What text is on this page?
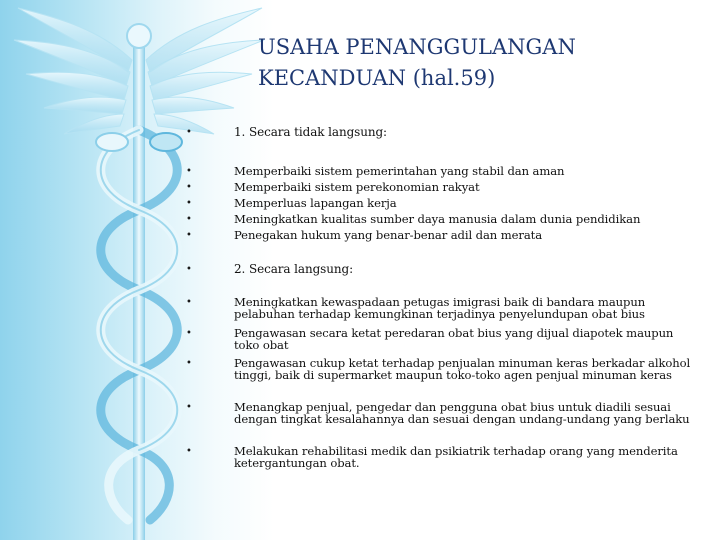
USAHA PENANGGULANGAN
KECANDUAN (hal.59)
•	1. Secara tidak langsung:
•	Memperbaiki sistem pemerintahan yang stabil dan aman
•	Memperbaiki sistem perekonomian rakyat
•	Memperluas lapangan kerja
•	Meningkatkan kualitas sumber daya manusia dalam dunia pendidikan
•	Penegakan hukum yang benar-benar adil dan merata
•	2. Secara langsung:
•	Meningkatkan kewaspadaan petugas imigrasi baik di bandara maupun pelabuhan terhadap kemungkinan terjadinya penyelundupan obat bius
•	Pengawasan secara ketat peredaran obat bius yang dijual diapotek maupun toko obat
•	Pengawasan cukup ketat terhadap penjualan minuman keras berkadar alkohol tinggi, baik di supermarket maupun toko-toko agen penjual minuman keras
•	Menangkap penjual, pengedar dan pengguna obat bius untuk diadili sesuai dengan tingkat kesalahannya dan sesuai dengan undang-undang yang berlaku
•	Melakukan rehabilitasi medik dan psikiatrik terhadap orang yang menderita ketergantungan obat.
